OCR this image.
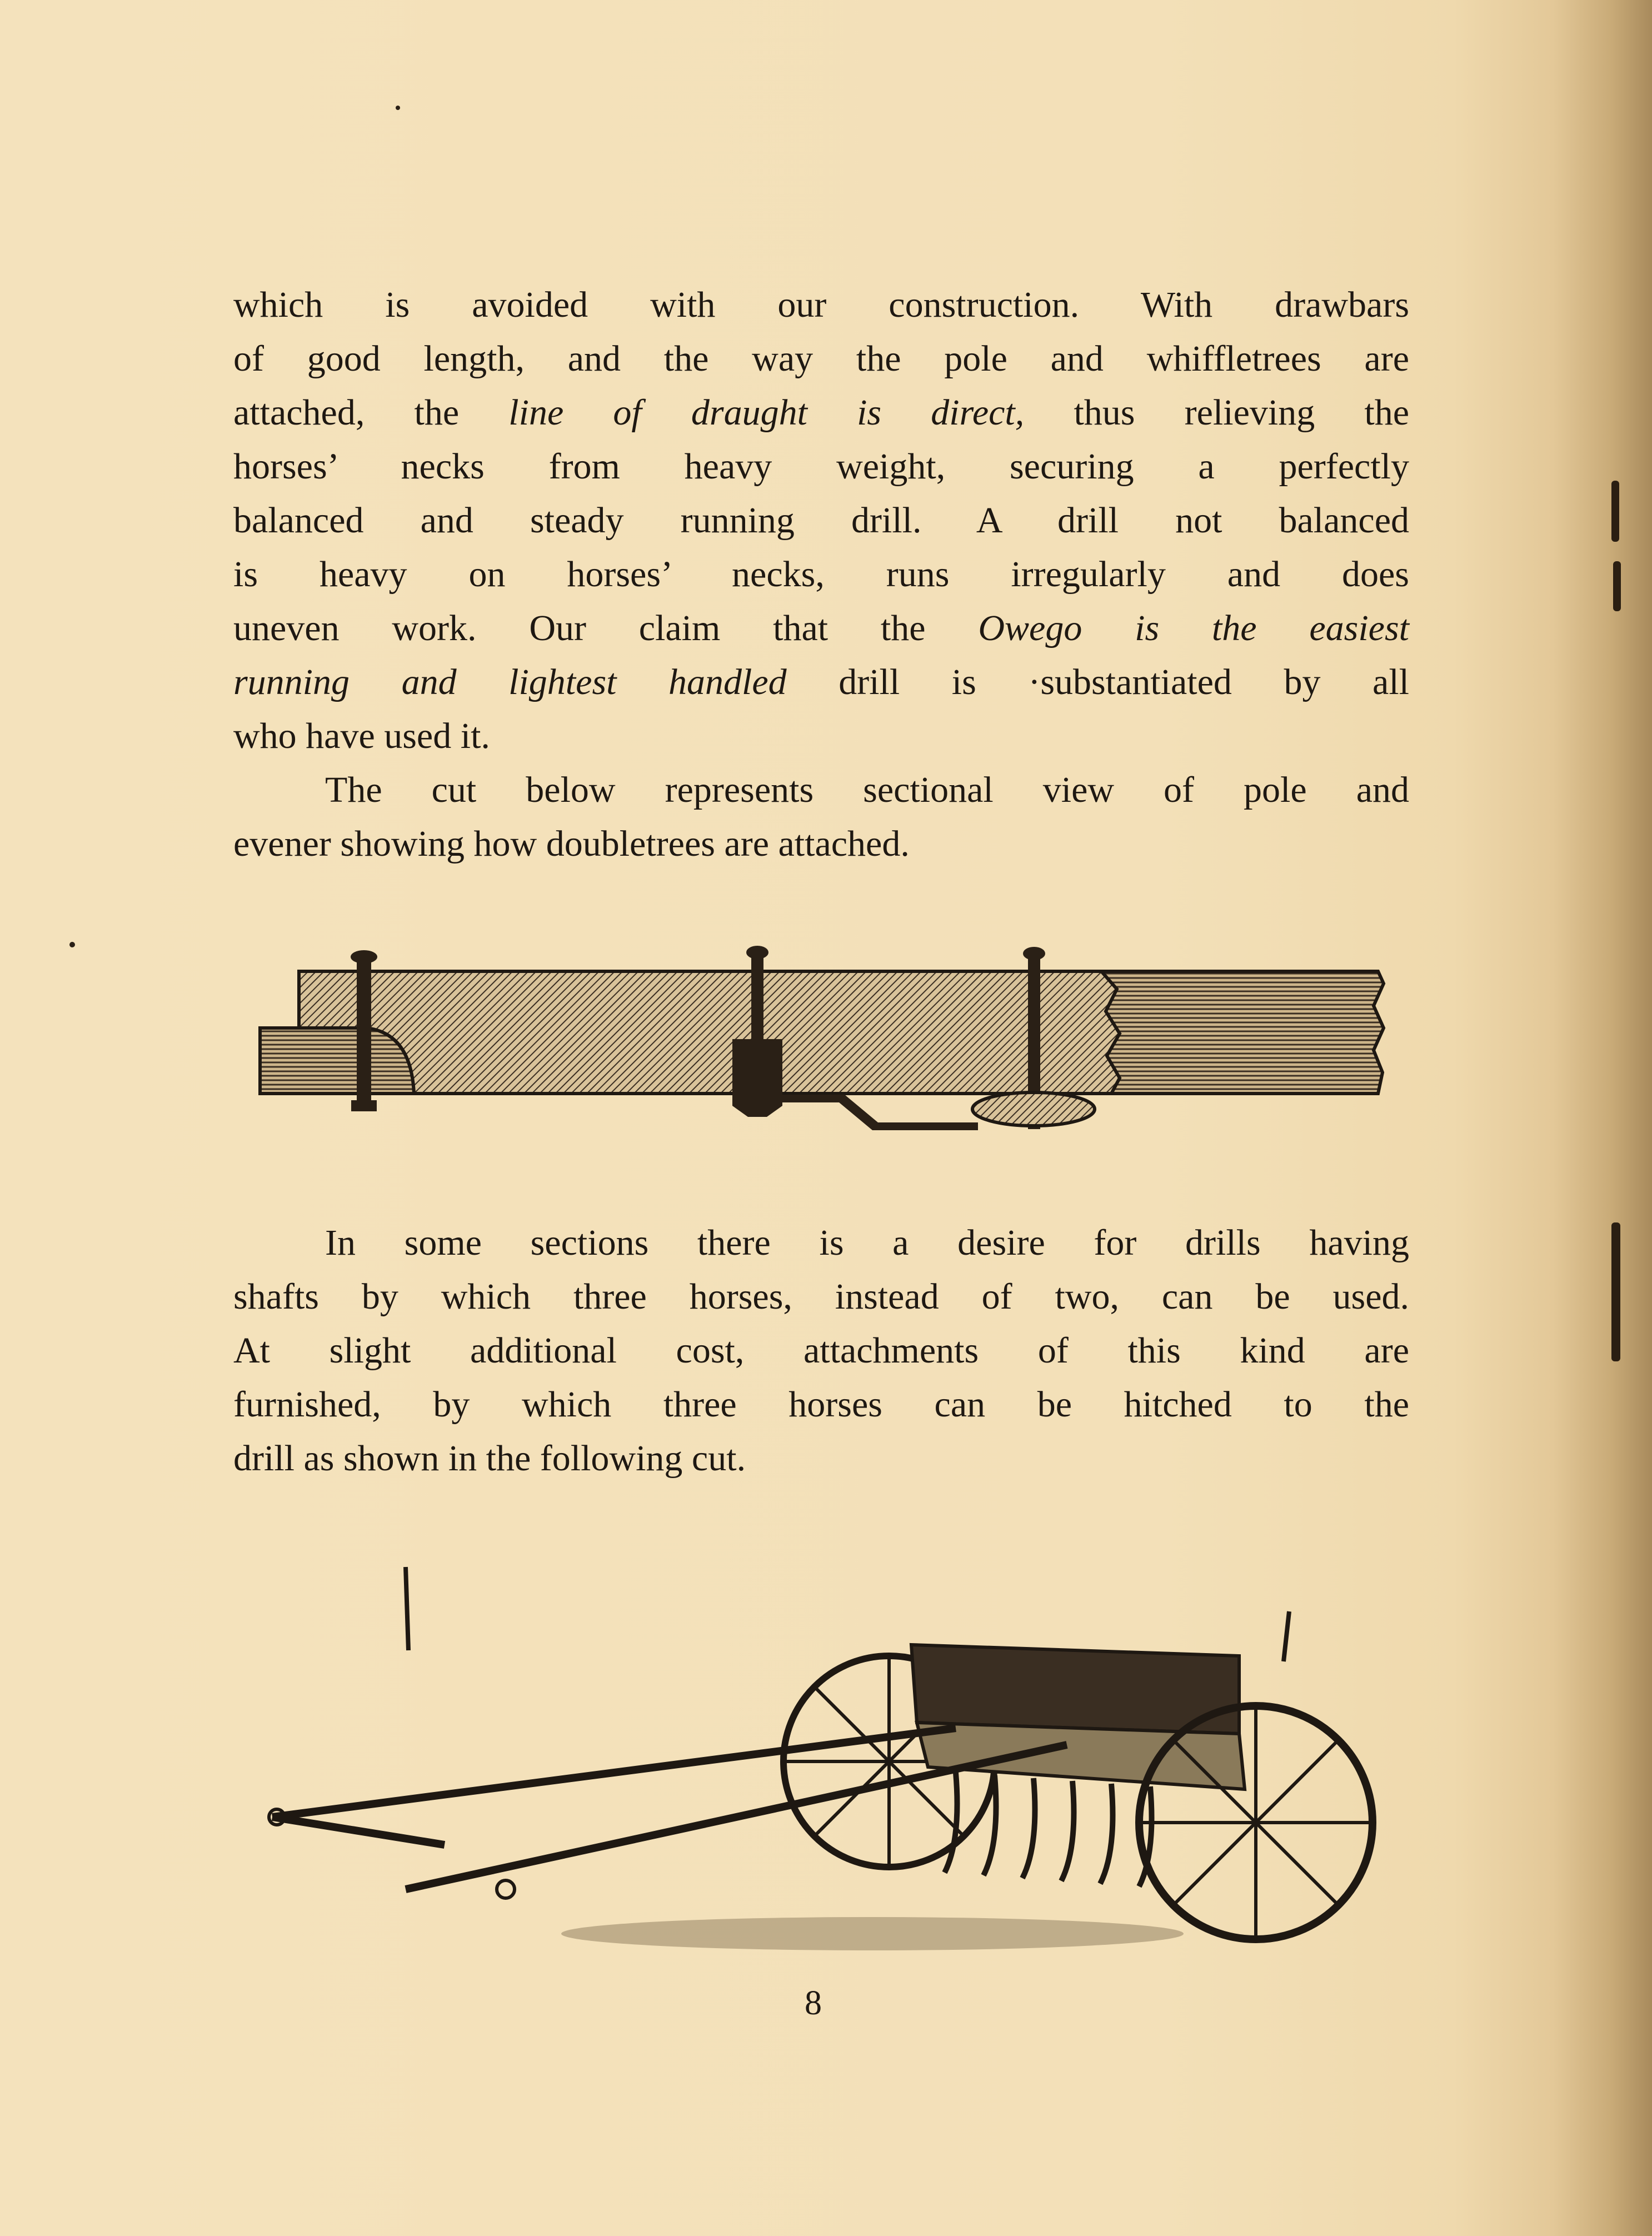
which is avoided with our construction. With drawbars
of good length, and the way the pole and whiffletrees are
attached, the line of draught is direct, thus relieving the
horses’ necks from heavy weight, securing a perfectly
balanced and steady running drill. A drill not balanced
is heavy on horses’ necks, runs irregularly and does
uneven work. Our claim that the Owego is the easiest
running and lightest handled drill is ·substantiated by all
who have used it.
The cut below represents sectional view of pole and
evener showing how doubletrees are attached.
In some sections there is a desire for drills having
shafts by which three horses, instead of two, can be used.
At slight additional cost, attachments of this kind are
furnished, by which three horses can be hitched to the
drill as shown in the following cut.
8
